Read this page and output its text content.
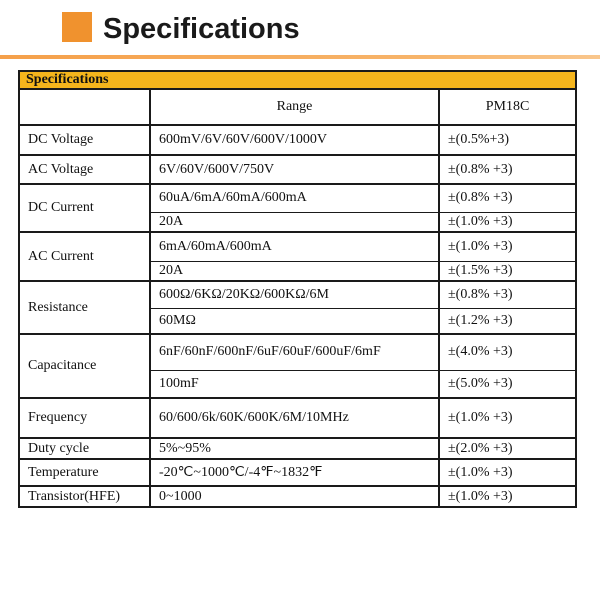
Specifications
Specifications		
	Range	PM18C
DC Voltage	600mV/6V/60V/600V/1000V	±(0.5%+3)
AC Voltage	6V/60V/600V/750V	±(0.8% +3)
DC Current	60uA/6mA/60mA/600mA	±(0.8% +3)
	20A	±(1.0% +3)
AC Current	6mA/60mA/600mA	±(1.0% +3)
	20A	±(1.5% +3)
Resistance	600Ω/6KΩ/20KΩ/600KΩ/6M	±(0.8% +3)
	60MΩ	±(1.2% +3)
Capacitance	6nF/60nF/600nF/6uF/60uF/600uF/6mF	±(4.0% +3)
	100mF	±(5.0% +3)
Frequency	60/600/6k/60K/600K/6M/10MHz	±(1.0% +3)
Duty cycle	5%~95%	±(2.0% +3)
Temperature	-20℃~1000℃/-4℉~1832℉	±(1.0% +3)
Transistor(HFE)	0~1000	±(1.0% +3)
